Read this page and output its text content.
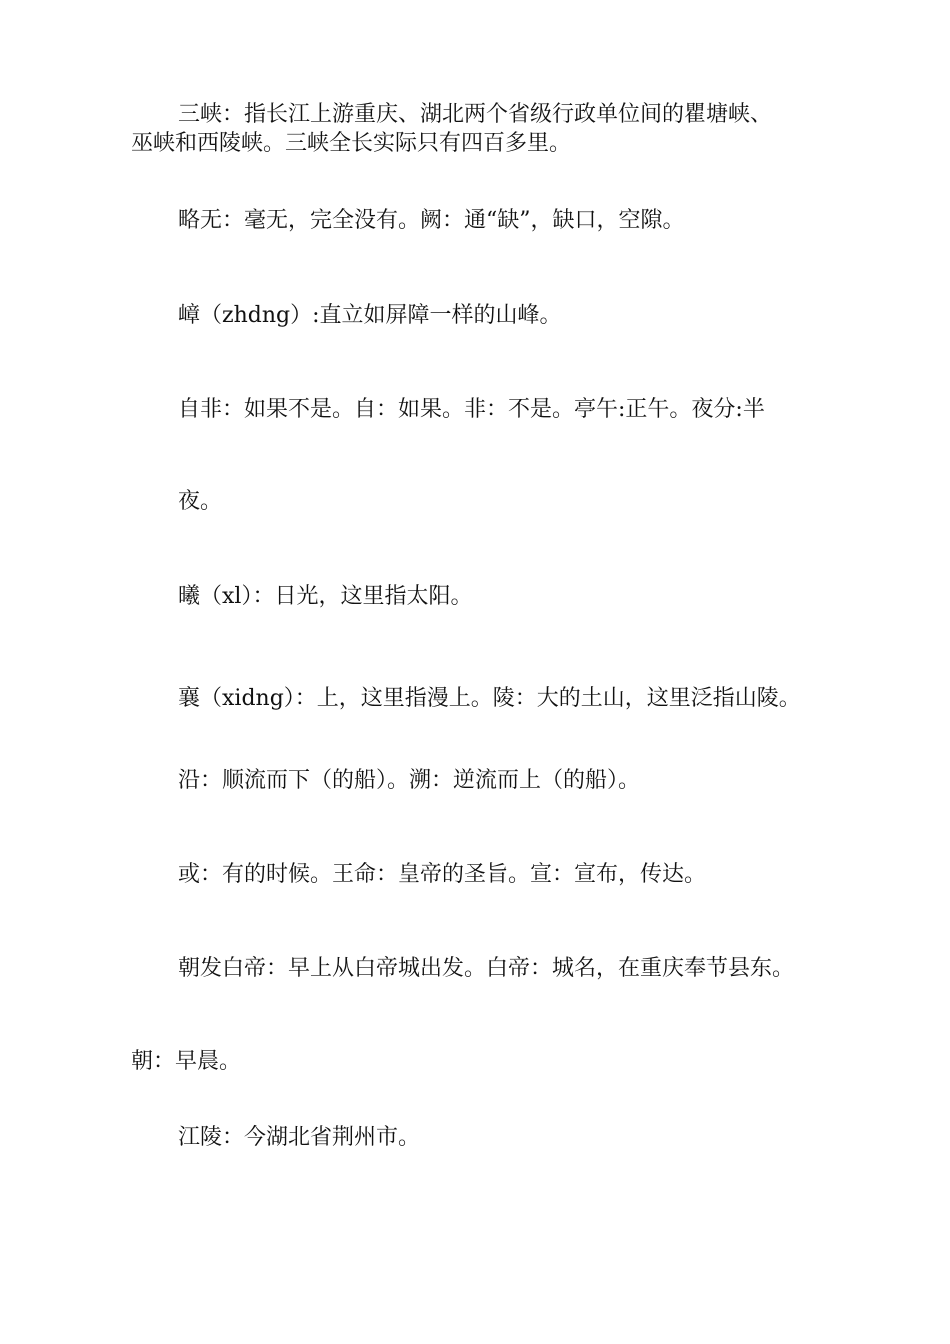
三峡：指长江上游重庆、湖北两个省级行政单位间的瞿塘峡、
巫峡和西陵峡。三峡全长实际只有四百多里。
略无：毫无，完全没有。阙：通“缺”，缺口，空隙。
嶂（zhdng）:直立如屏障一样的山峰。
自非：如果不是。自：如果。非：不是。亭午:正午。夜分:半
夜。
曦（xl）：日光，这里指太阳。
襄（xidng）：上，这里指漫上。陵：大的土山，这里泛指山陵。
沿：顺流而下（的船）。溯：逆流而上（的船）。
或：有的时候。王命：皇帝的圣旨。宣：宣布，传达。
朝发白帝：早上从白帝城出发。白帝：城名，在重庆奉节县东。
朝：早晨。
江陵：今湖北省荆州市。
